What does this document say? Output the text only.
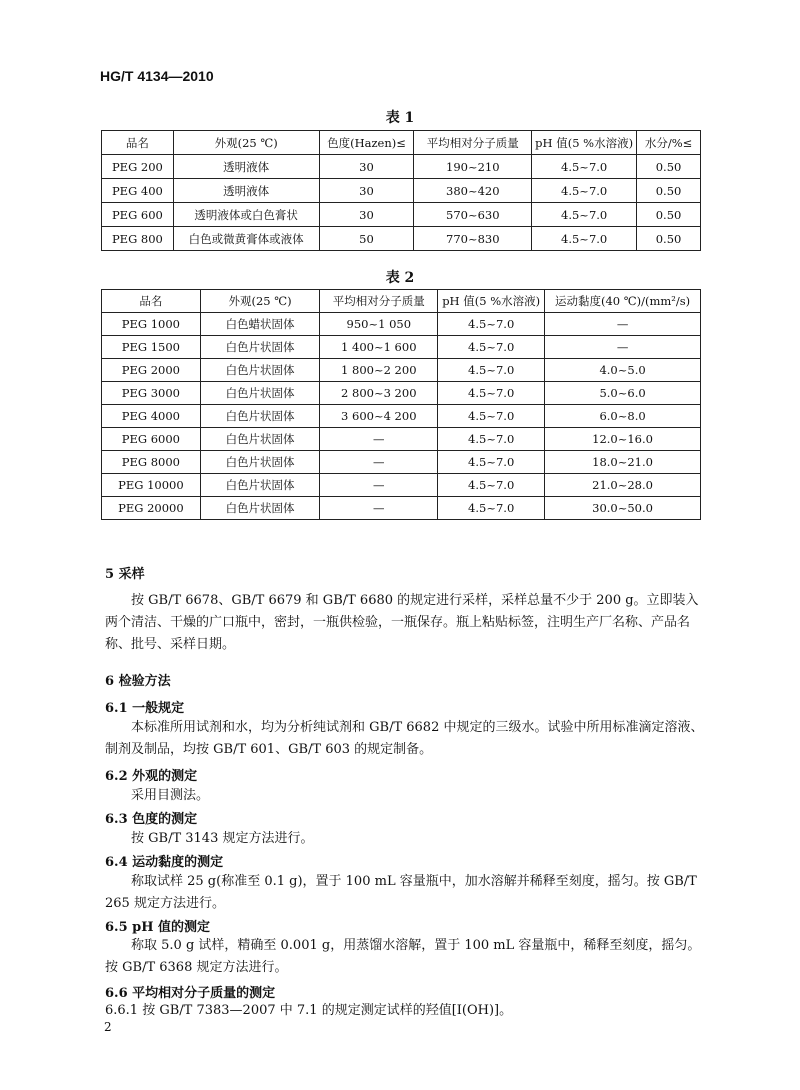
HG/T 4134—2010
表 1
品名	外观(25 ℃)	色度(Hazen)≤	平均相对分子质量	pH 值(5 %水溶液)	水分/%≤
PEG 200	透明液体	30	190~210	4.5~7.0	0.50
PEG 400	透明液体	30	380~420	4.5~7.0	0.50
PEG 600	透明液体或白色膏状	30	570~630	4.5~7.0	0.50
PEG 800	白色或微黄膏体或液体	50	770~830	4.5~7.0	0.50
表 2
品名	外观(25 ℃)	平均相对分子质量	pH 值(5 %水溶液)	运动黏度(40 ℃)/(mm²/s)
PEG 1000	白色蜡状固体	950~1 050	4.5~7.0	—
PEG 1500	白色片状固体	1 400~1 600	4.5~7.0	—
PEG 2000	白色片状固体	1 800~2 200	4.5~7.0	4.0~5.0
PEG 3000	白色片状固体	2 800~3 200	4.5~7.0	5.0~6.0
PEG 4000	白色片状固体	3 600~4 200	4.5~7.0	6.0~8.0
PEG 6000	白色片状固体	—	4.5~7.0	12.0~16.0
PEG 8000	白色片状固体	—	4.5~7.0	18.0~21.0
PEG 10000	白色片状固体	—	4.5~7.0	21.0~28.0
PEG 20000	白色片状固体	—	4.5~7.0	30.0~50.0
5 采样
按 GB/T 6678、GB/T 6679 和 GB/T 6680 的规定进行采样，采样总量不少于 200 g。立即装入两个清洁、干燥的广口瓶中，密封，一瓶供检验，一瓶保存。瓶上粘贴标签，注明生产厂名称、产品名称、批号、采样日期。
6 检验方法
6.1 一般规定
本标准所用试剂和水，均为分析纯试剂和 GB/T 6682 中规定的三级水。试验中所用标准滴定溶液、制剂及制品，均按 GB/T 601、GB/T 603 的规定制备。
6.2 外观的测定
采用目测法。
6.3 色度的测定
按 GB/T 3143 规定方法进行。
6.4 运动黏度的测定
称取试样 25 g(称准至 0.1 g)，置于 100 mL 容量瓶中，加水溶解并稀释至刻度，摇匀。按 GB/T 265 规定方法进行。
6.5 pH 值的测定
称取 5.0 g 试样，精确至 0.001 g，用蒸馏水溶解，置于 100 mL 容量瓶中，稀释至刻度，摇匀。按 GB/T 6368 规定方法进行。
6.6 平均相对分子质量的测定
6.6.1 按 GB/T 7383—2007 中 7.1 的规定测定试样的羟值[I(OH)]。
2
